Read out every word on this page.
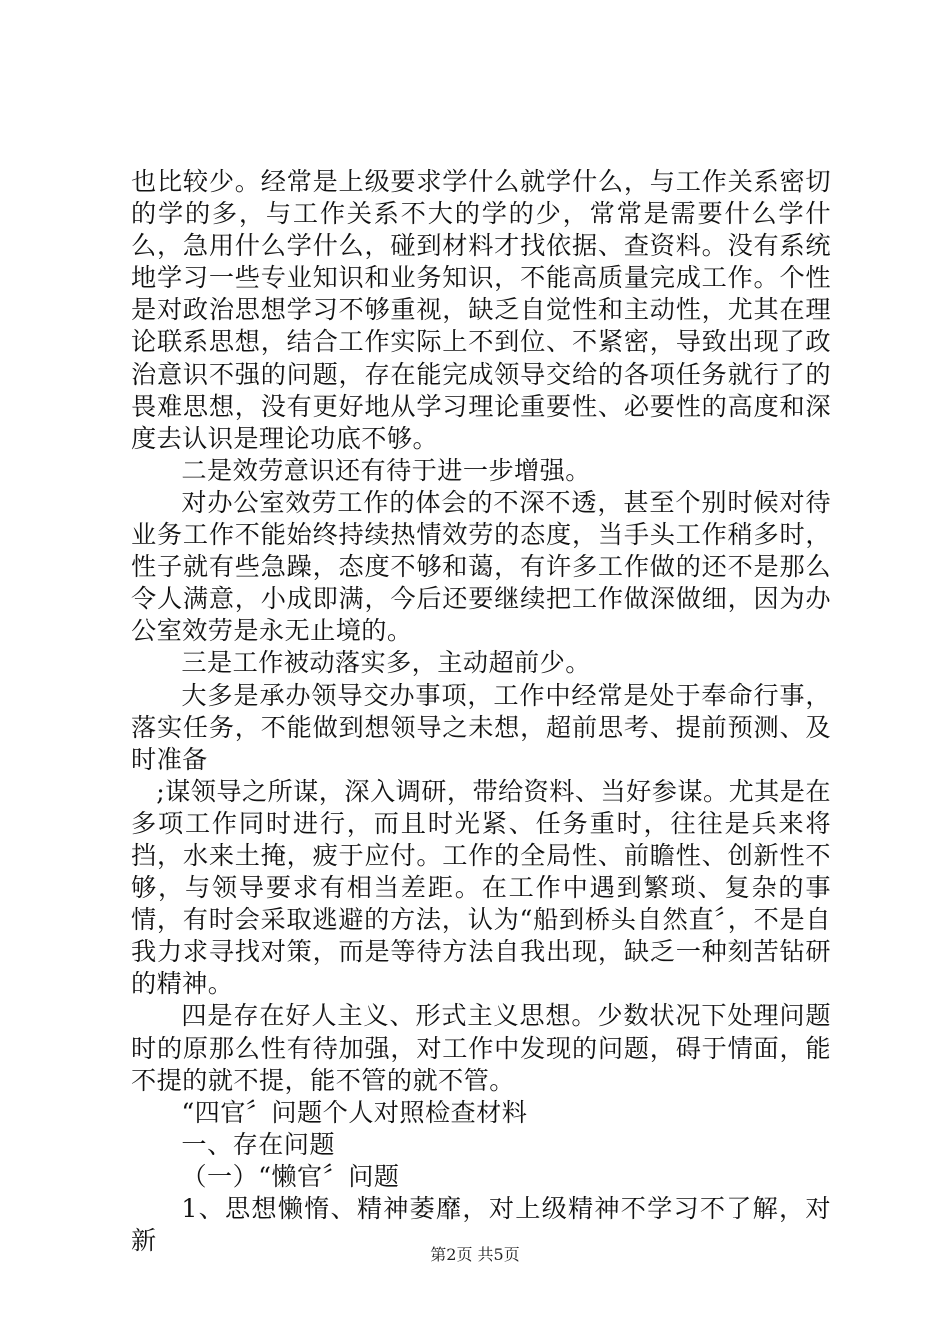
也比较少。经常是上级要求学什么就学什么，与工作关系密切的学的多，与工作关系不大的学的少，常常是需要什么学什么，急用什么学什么，碰到材料才找依据、查资料。没有系统地学习一些专业知识和业务知识，不能高质量完成工作。个性是对政治思想学习不够重视，缺乏自觉性和主动性，尤其在理论联系思想，结合工作实际上不到位、不紧密，导致出现了政治意识不强的问题，存在能完成领导交给的各项任务就行了的畏难思想，没有更好地从学习理论重要性、必要性的高度和深度去认识是理论功底不够。

二是效劳意识还有待于进一步增强。

对办公室效劳工作的体会的不深不透，甚至个别时候对待业务工作不能始终持续热情效劳的态度，当手头工作稍多时，性子就有些急躁，态度不够和蔼，有许多工作做的还不是那么令人满意，小成即满，今后还要继续把工作做深做细，因为办公室效劳是永无止境的。

三是工作被动落实多，主动超前少。

大多是承办领导交办事项，工作中经常是处于奉命行事，落实任务，不能做到想领导之未想，超前思考、提前预测、及时准备

;谋领导之所谋，深入调研，带给资料、当好参谋。尤其是在多项工作同时进行，而且时光紧、任务重时，往往是兵来将挡，水来土掩，疲于应付。工作的全局性、前瞻性、创新性不够，与领导要求有相当差距。在工作中遇到繁琐、复杂的事情，有时会采取逃避的方法，认为“船到桥头自然直〞，不是自我力求寻找对策，而是等待方法自我出现，缺乏一种刻苦钻研的精神。

四是存在好人主义、形式主义思想。少数状况下处理问题时的原那么性有待加强，对工作中发现的问题，碍于情面，能不提的就不提，能不管的就不管。

“四官〞问题个人对照检查材料

一、存在问题

（一）“懒官〞问题

1、思想懒惰、精神萎靡，对上级精神不学习不了解，对新	第2页 共5页
